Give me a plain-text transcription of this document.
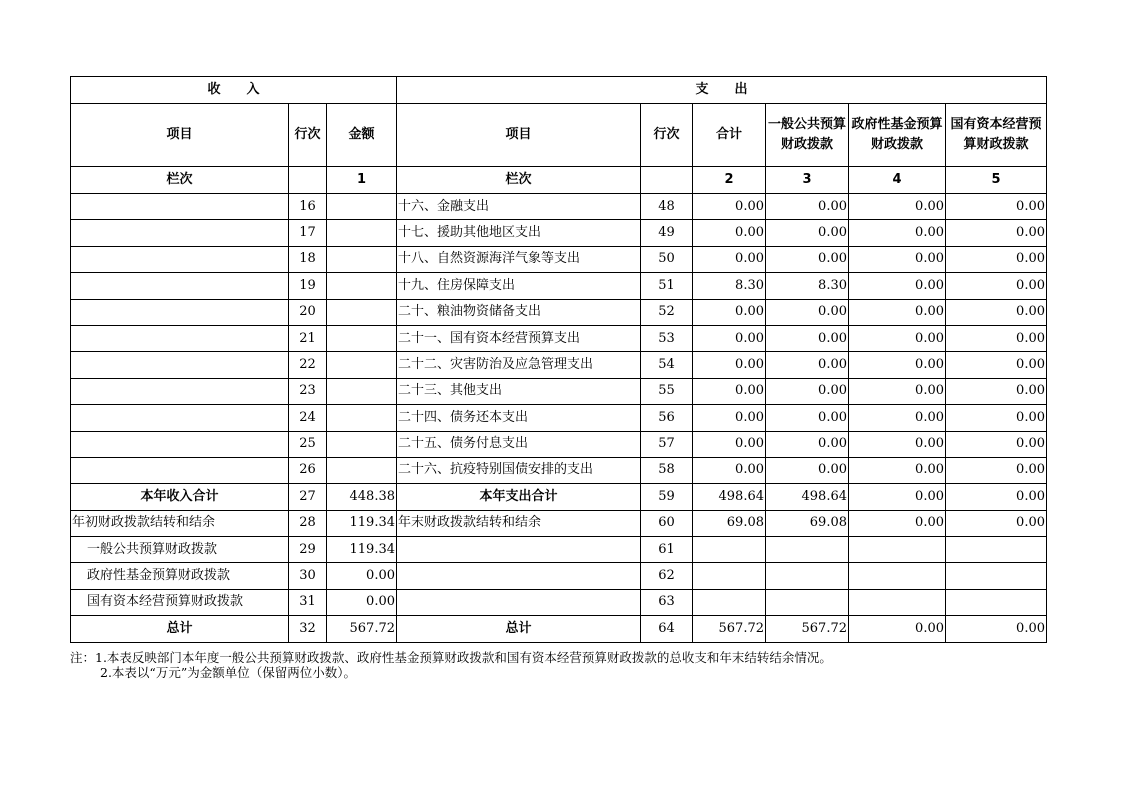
收　　入			支　　出					
项目	行次	金额	项目	行次	合计	一般公共预算财政拨款	政府性基金预算财政拨款	国有资本经营预算财政拨款
栏次		1	栏次		2	3	4	5
	16		十六、金融支出	48	0.00	0.00	0.00	0.00
	17		十七、援助其他地区支出	49	0.00	0.00	0.00	0.00
	18		十八、自然资源海洋气象等支出	50	0.00	0.00	0.00	0.00
	19		十九、住房保障支出	51	8.30	8.30	0.00	0.00
	20		二十、粮油物资储备支出	52	0.00	0.00	0.00	0.00
	21		二十一、国有资本经营预算支出	53	0.00	0.00	0.00	0.00
	22		二十二、灾害防治及应急管理支出	54	0.00	0.00	0.00	0.00
	23		二十三、其他支出	55	0.00	0.00	0.00	0.00
	24		二十四、债务还本支出	56	0.00	0.00	0.00	0.00
	25		二十五、债务付息支出	57	0.00	0.00	0.00	0.00
	26		二十六、抗疫特别国债安排的支出	58	0.00	0.00	0.00	0.00
本年收入合计	27	448.38	本年支出合计	59	498.64	498.64	0.00	0.00
年初财政拨款结转和结余	28	119.34	年末财政拨款结转和结余	60	69.08	69.08	0.00	0.00
一般公共预算财政拨款	29	119.34		61				
政府性基金预算财政拨款	30	0.00		62				
国有资本经营预算财政拨款	31	0.00		63				
总计	32	567.72	总计	64	567.72	567.72	0.00	0.00
注：1.本表反映部门本年度一般公共预算财政拨款、政府性基金预算财政拨款和国有资本经营预算财政拨款的总收支和年末结转结余情况。
2.本表以“万元”为金额单位（保留两位小数）。
